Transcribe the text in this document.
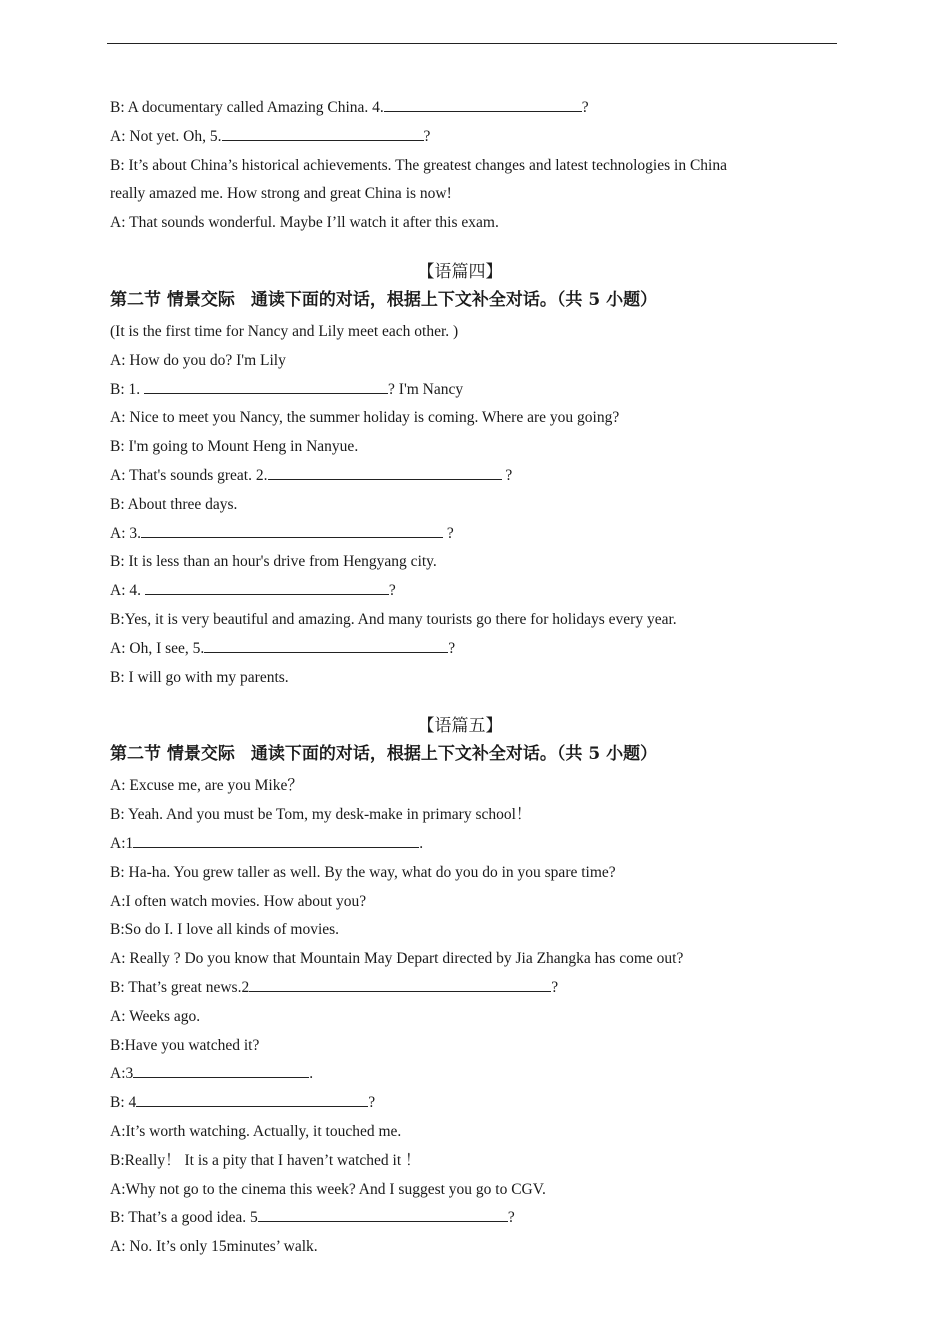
B: A documentary called Amazing China. 4.	?
A: Not yet. Oh, 5.	?
B: It’s about China’s historical achievements. The greatest changes and latest technologies in China
really amazed me. How strong and great China is now!
A: That sounds wonderful. Maybe I’ll watch it after this exam.
【语篇四】
第二节 情景交际 通读下面的对话，根据上下文补全对话。（共 5 小题）
(It is the first time for Nancy and Lily meet each other. )
A: How do you do? I'm Lily
B: 1.	? I'm Nancy
A: Nice to meet you Nancy, the summer holiday is coming. Where are you going?
B: I'm going to Mount Heng in Nanyue.
A: That's sounds great. 2.	?
B: About three days.
A: 3.	?
B: It is less than an hour's drive from Hengyang city.
A: 4.	?
B:Yes, it is very beautiful and amazing. And many tourists go there for holidays every year.
A: Oh, I see, 5.	?
B: I will go with my parents.
【语篇五】
第二节 情景交际 通读下面的对话，根据上下文补全对话。（共 5 小题）
A: Excuse me, are you Mike？
B: Yeah. And you must be Tom, my desk-make in primary school！
A:1	.
B: Ha-ha. You grew taller as well. By the way, what do you do in you spare time?
A:I often watch movies. How about you?
B:So do I. I love all kinds of movies.
A: Really ? Do you know that Mountain May Depart directed by Jia Zhangka has come out?
B: That’s great news.2	?
A: Weeks ago.
B:Have you watched it?
A:3	.
B: 4	?
A:It’s worth watching. Actually, it touched me.
B:Really！ It is a pity that I haven’t watched it ！
A:Why not go to the cinema this week? And I suggest you go to CGV.
B: That’s a good idea. 5	?
A: No. It’s only 15minutes’ walk.
